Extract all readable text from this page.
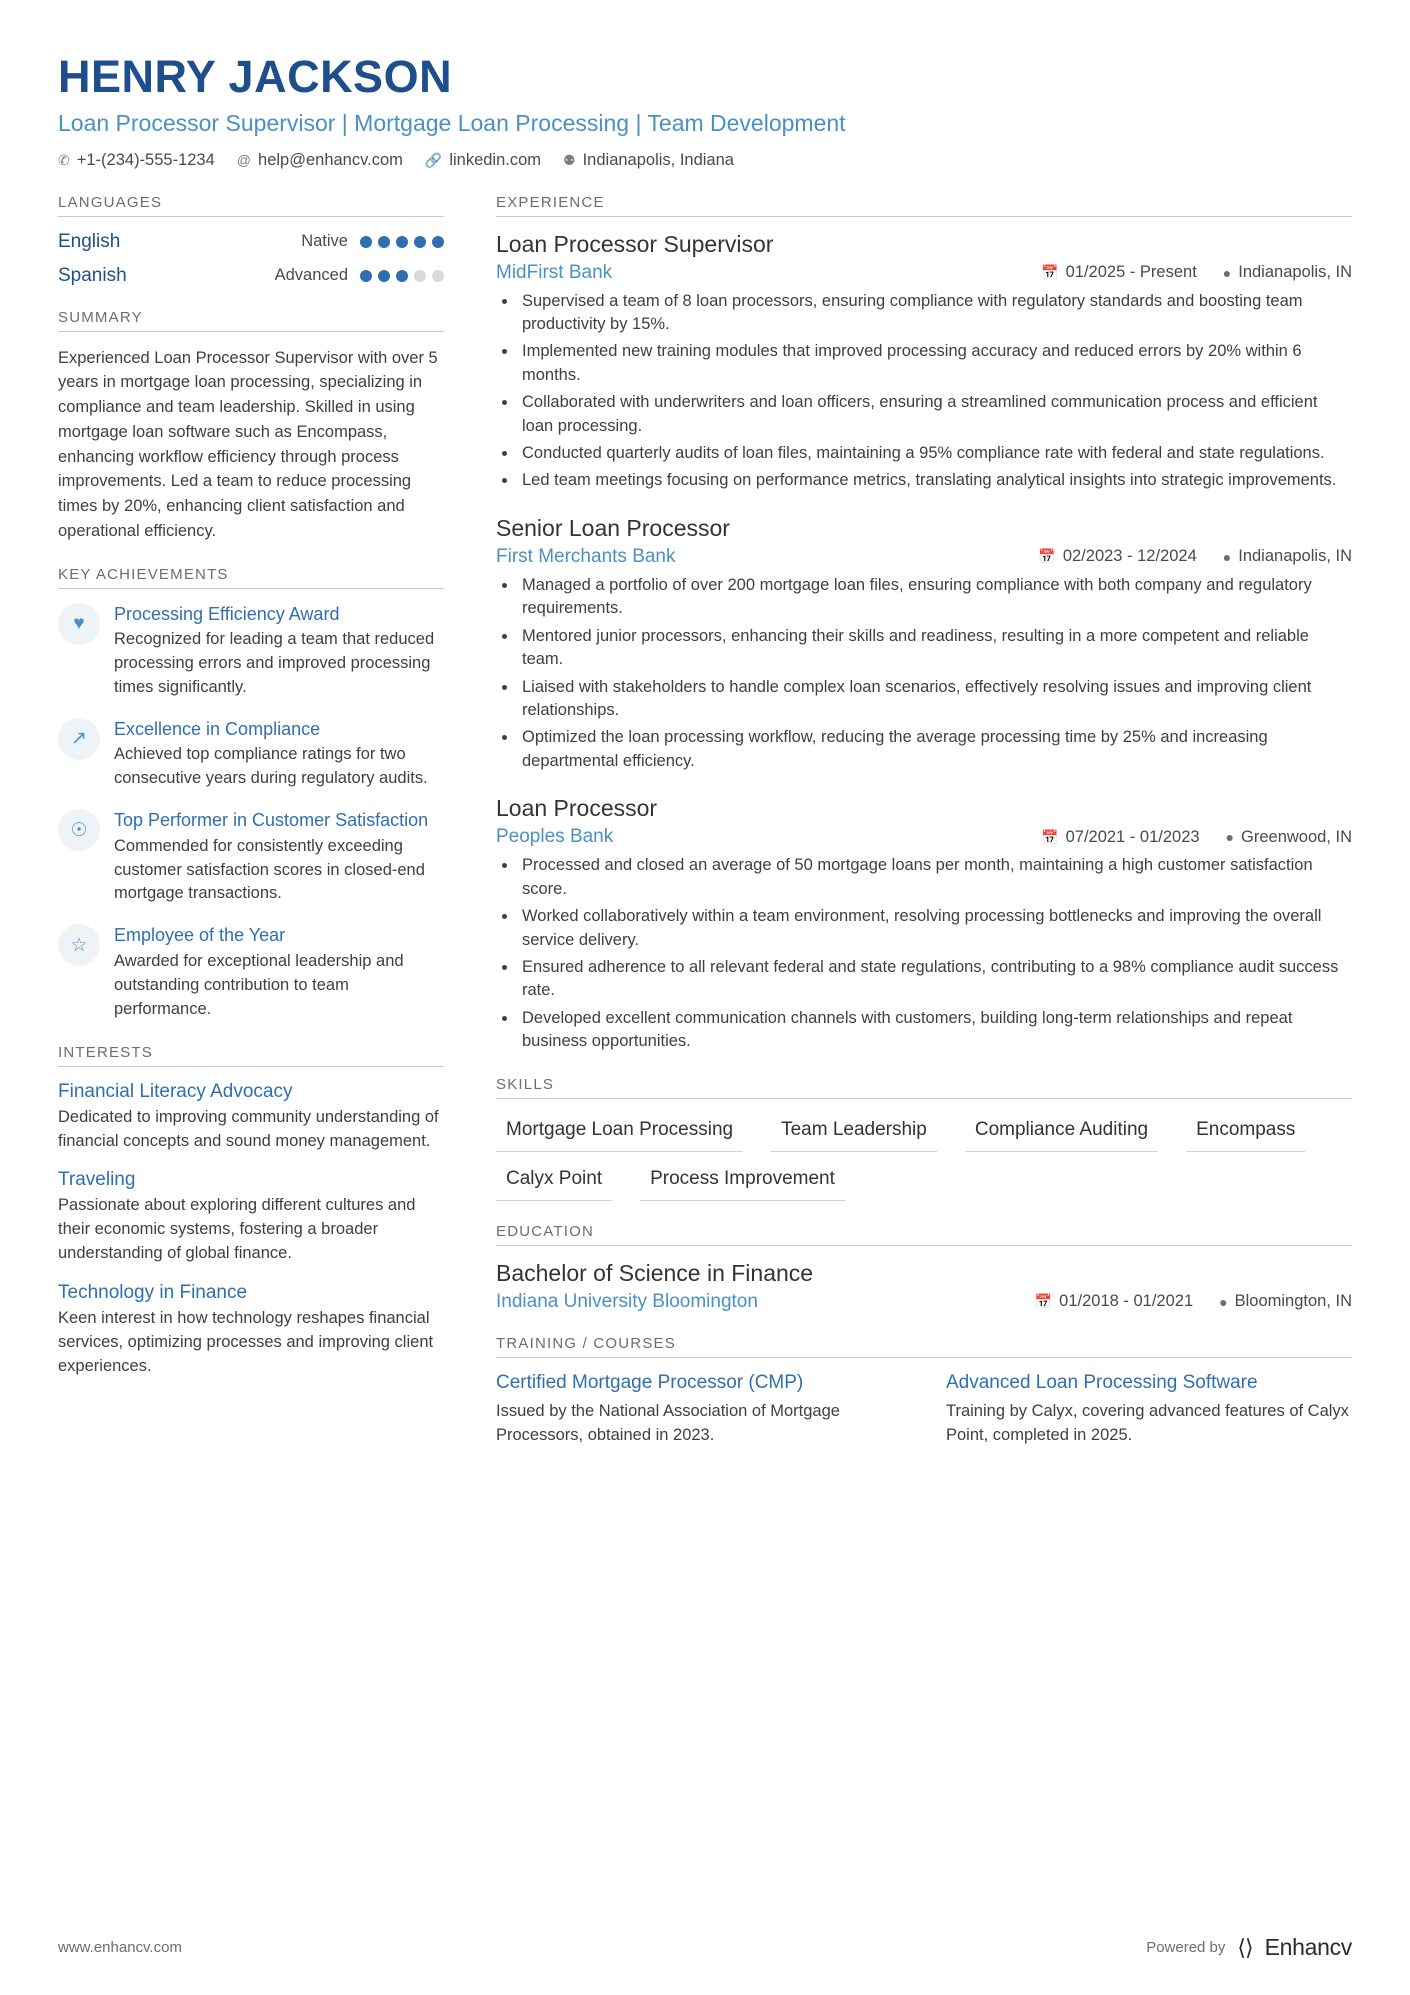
HENRY JACKSON
Loan Processor Supervisor | Mortgage Loan Processing | Team Development
✆ +1-(234)-555-1234 @ help@enhancv.com 🔗 linkedin.com ⚉ Indianapolis, Indiana
LANGUAGES
English	Native
Spanish	Advanced
SUMMARY

Experienced Loan Processor Supervisor with over 5 years in mortgage loan processing, specializing in compliance and team leadership. Skilled in using mortgage loan software such as Encompass, enhancing workflow efficiency through process improvements. Led a team to reduce processing times by 20%, enhancing client satisfaction and operational efficiency.

KEY ACHIEVEMENTS
♥	Processing Efficiency Award
Recognized for leading a team that reduced processing errors and improved processing times significantly.
↗	Excellence in Compliance
Achieved top compliance ratings for two consecutive years during regulatory audits.
☉	Top Performer in Customer Satisfaction
Commended for consistently exceeding customer satisfaction scores in closed-end mortgage transactions.
☆	Employee of the Year
Awarded for exceptional leadership and outstanding contribution to team performance.
INTERESTS
Financial Literacy Advocacy
Dedicated to improving community understanding of financial concepts and sound money management.
Traveling
Passionate about exploring different cultures and their economic systems, fostering a broader understanding of global finance.
Technology in Finance
Keen interest in how technology reshapes financial services, optimizing processes and improving client experiences.
EXPERIENCE
Loan Processor Supervisor
MidFirst Bank	📅 01/2025 - Present ● Indianapolis, IN
• Supervised a team of 8 loan processors, ensuring compliance with regulatory standards and boosting team productivity by 15%.
• Implemented new training modules that improved processing accuracy and reduced errors by 20% within 6 months.
• Collaborated with underwriters and loan officers, ensuring a streamlined communication process and efficient loan processing.
• Conducted quarterly audits of loan files, maintaining a 95% compliance rate with federal and state regulations.
• Led team meetings focusing on performance metrics, translating analytical insights into strategic improvements.
Senior Loan Processor
First Merchants Bank	📅 02/2023 - 12/2024 ● Indianapolis, IN
• Managed a portfolio of over 200 mortgage loan files, ensuring compliance with both company and regulatory requirements.
• Mentored junior processors, enhancing their skills and readiness, resulting in a more competent and reliable team.
• Liaised with stakeholders to handle complex loan scenarios, effectively resolving issues and improving client relationships.
• Optimized the loan processing workflow, reducing the average processing time by 25% and increasing departmental efficiency.
Loan Processor
Peoples Bank	📅 07/2021 - 01/2023 ● Greenwood, IN
• Processed and closed an average of 50 mortgage loans per month, maintaining a high customer satisfaction score.
• Worked collaboratively within a team environment, resolving processing bottlenecks and improving the overall service delivery.
• Ensured adherence to all relevant federal and state regulations, contributing to a 98% compliance audit success rate.
• Developed excellent communication channels with customers, building long-term relationships and repeat business opportunities.
SKILLS
Mortgage Loan Processing	Team Leadership	Compliance Auditing	Encompass
Calyx Point	Process Improvement
EDUCATION
Bachelor of Science in Finance
Indiana University Bloomington	📅 01/2018 - 01/2021 ● Bloomington, IN
TRAINING / COURSES
Certified Mortgage Processor (CMP)
Issued by the National Association of Mortgage Processors, obtained in 2023.
Advanced Loan Processing Software
Training by Calyx, covering advanced features of Calyx Point, completed in 2025.
www.enhancv.com	Powered by ⟨⟩ Enhancv
